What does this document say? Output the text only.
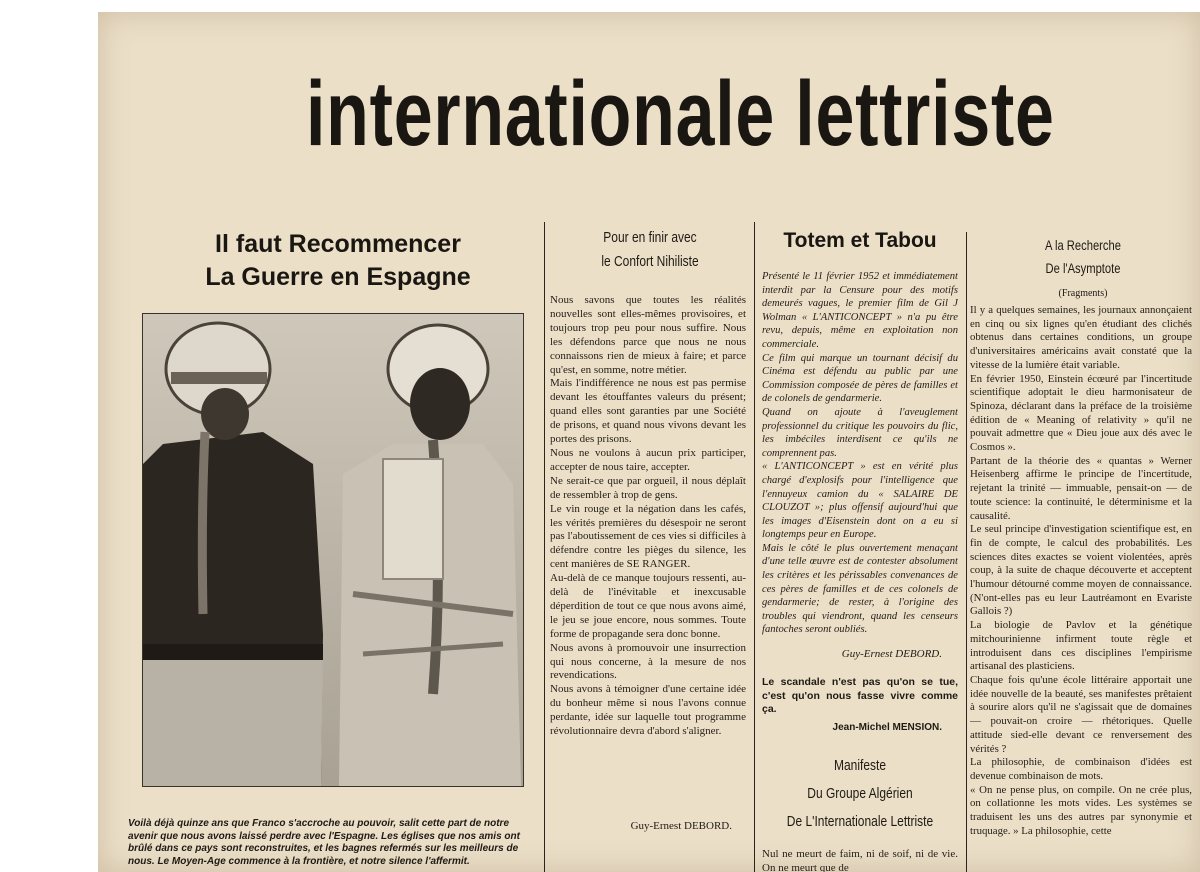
internationale lettriste
Il faut Recommencer
La Guerre en Espagne
Voilà déjà quinze ans que Franco s'accroche au pouvoir, salit cette part de notre avenir que nous avons laissé perdre avec l'Espagne. Les églises que nos amis ont brûlé dans ce pays sont reconstruites, et les bagnes refermés sur les meilleurs de nous. Le Moyen-Age commence à la frontière, et notre silence l'affermit.
Pour en finir avec
le Confort Nihiliste

Nous savons que toutes les réalités nouvelles sont elles-mêmes provisoires, et toujours trop peu pour nous suffire. Nous les défendons parce que nous ne nous connaissons rien de mieux à faire; et parce qu'est, en somme, notre métier.

Mais l'indifférence ne nous est pas permise devant les étouffantes valeurs du présent; quand elles sont garanties par une Société de prisons, et quand nous vivons devant les portes des prisons.

Nous ne voulons à aucun prix participer, accepter de nous taire, accepter.

Ne serait-ce que par orgueil, il nous déplaît de ressembler à trop de gens.

Le vin rouge et la négation dans les cafés, les vérités premières du désespoir ne seront pas l'aboutissement de ces vies si difficiles à défendre contre les pièges du silence, les cent manières de SE RANGER.

Au-delà de ce manque toujours ressenti, au-delà de l'inévitable et inexcusable déperdition de tout ce que nous avons aimé, le jeu se joue encore, nous sommes. Toute forme de propagande sera donc bonne.

Nous avons à promouvoir une insurrection qui nous concerne, à la mesure de nos revendications.

Nous avons à témoigner d'une certaine idée du bonheur même si nous l'avons connue perdante, idée sur laquelle tout programme révolutionnaire devra d'abord s'aligner.

Guy-Ernest DEBORD.
Totem et Tabou

Présenté le 11 février 1952 et immédiatement interdit par la Censure pour des motifs demeurés vagues, le premier film de Gil J Wolman « L'ANTICONCEPT » n'a pu être revu, depuis, même en exploitation non commerciale.

Ce film qui marque un tournant décisif du Cinéma est défendu au public par une Commission composée de pères de familles et de colonels de gendarmerie.

Quand on ajoute à l'aveuglement professionnel du critique les pouvoirs du flic, les imbéciles interdisent ce qu'ils ne comprennent pas.

« L'ANTICONCEPT » est en vérité plus chargé d'explosifs pour l'intelligence que l'ennuyeux camion du « SALAIRE DE CLOUZOT »; plus offensif aujourd'hui que les images d'Eisenstein dont on a eu si longtemps peur en Europe.

Mais le côté le plus ouvertement menaçant d'une telle œuvre est de contester absolument les critères et les périssables convenances de ces pères de familles et de ces colonels de gendarmerie; de rester, à l'origine des troubles qui viendront, quand les censeurs fantoches seront oubliés.

Guy-Ernest DEBORD.
Le scandale n'est pas qu'on se tue, c'est qu'on nous fasse vivre comme ça.
Jean-Michel MENSION.
Manifeste
Du Groupe Algérien
De L'Internationale Lettriste
Nul ne meurt de faim, ni de soif, ni de vie. On ne meurt que de
A la Recherche
De l'Asymptote
(Fragments)

Il y a quelques semaines, les journaux annonçaient en cinq ou six lignes qu'en étudiant des clichés obtenus dans certaines conditions, un groupe d'universitaires américains avait constaté que la vitesse de la lumière était variable.

En février 1950, Einstein écœuré par l'incertitude scientifique adoptait le dieu harmonisateur de Spinoza, déclarant dans la préface de la troisième édition de « Meaning of relativity » qu'il ne pouvait admettre que « Dieu joue aux dés avec le Cosmos ».

Partant de la théorie des « quantas » Werner Heisenberg affirme le principe de l'incertitude, rejetant la trinité — immuable, pensait-on — de toute science: la continuité, le déterminisme et la causalité.

Le seul principe d'investigation scientifique est, en fin de compte, le calcul des probabilités. Les sciences dites exactes se voient violentées, après coup, à la suite de chaque découverte et acceptent l'humour détourné comme moyen de connaissance. (N'ont-elles pas eu leur Lautréamont en Evariste Gallois ?)

La biologie de Pavlov et la génétique mitchourinienne infirment toute règle et introduisent dans ces disciplines l'empirisme artisanal des plasticiens.

Chaque fois qu'une école littéraire apportait une idée nouvelle de la beauté, ses manifestes prêtaient à sourire alors qu'il ne s'agissait que de domaines — pouvait-on croire — rhétoriques. Quelle attitude sied-elle devant ce renversement des vérités ?

La philosophie, de combinaison d'idées est devenue combinaison de mots.

« On ne pense plus, on compile. On ne crée plus, on collationne les mots vides. Les systèmes se traduisent les uns des autres par synonymie et truquage. » La philosophie, cette
